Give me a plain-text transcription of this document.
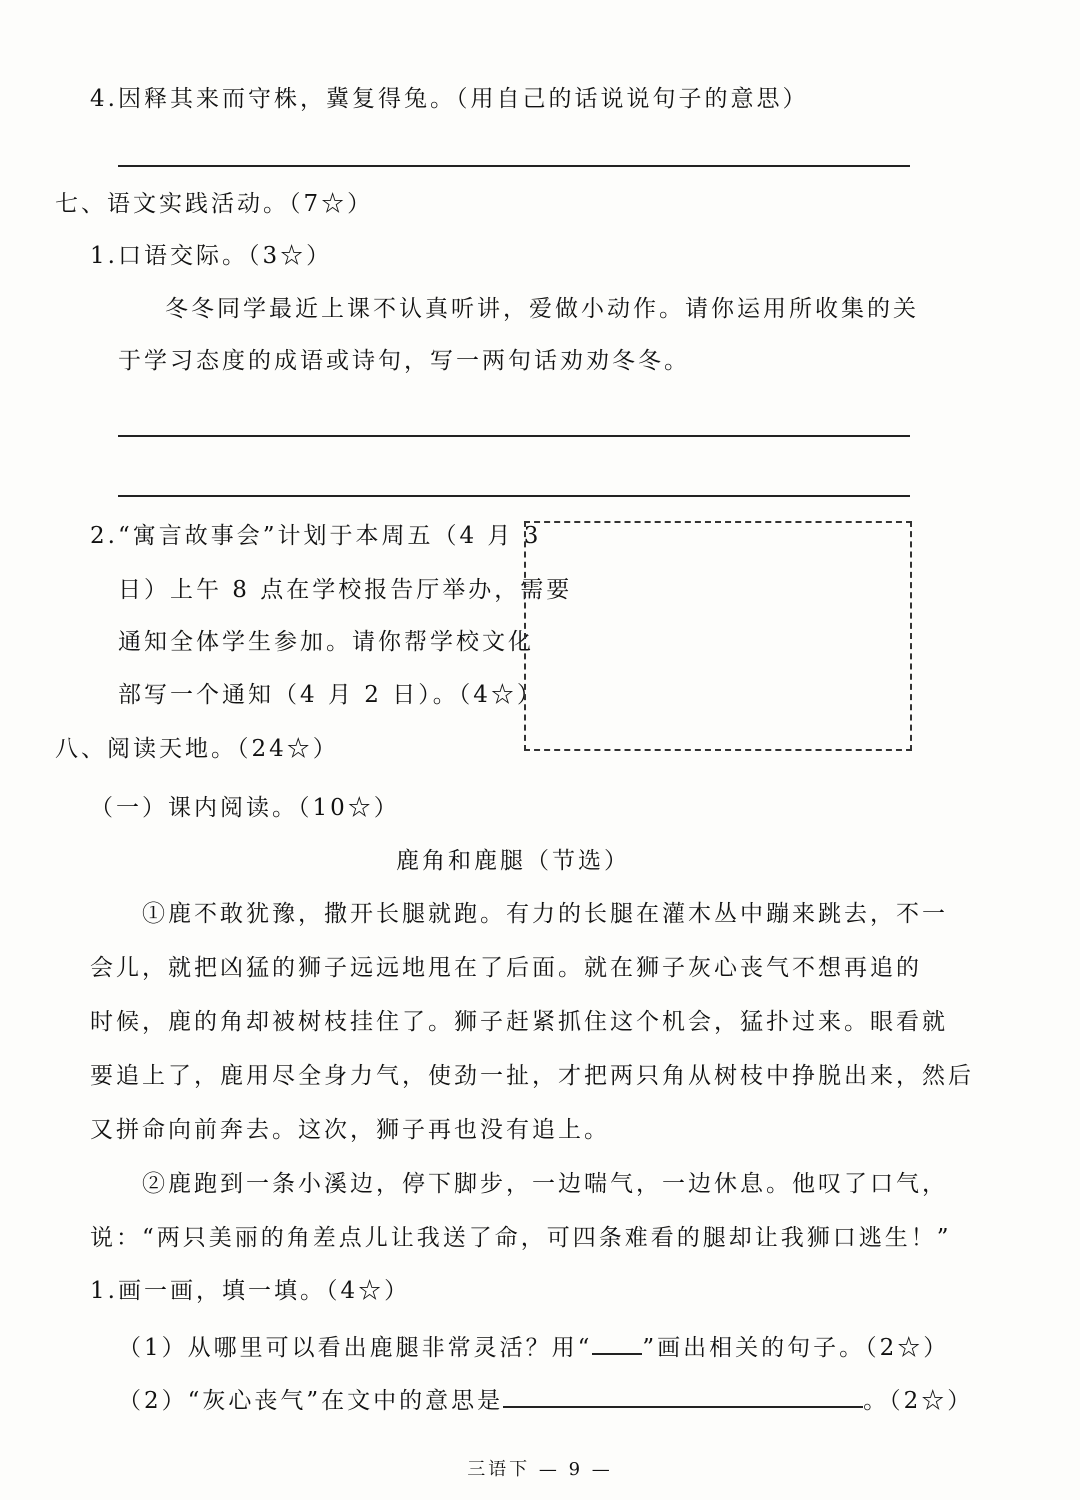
4.因释其来而守株，冀复得兔。（用自己的话说说句子的意思）
七、语文实践活动。（7☆）
1.口语交际。（3☆）
冬冬同学最近上课不认真听讲，爱做小动作。请你运用所收集的关
于学习态度的成语或诗句，写一两句话劝劝冬冬。
2.“寓言故事会”计划于本周五（4 月 3
日）上午 8 点在学校报告厅举办，需要
通知全体学生参加。请你帮学校文化
部写一个通知（4 月 2 日）。（4☆）
八、阅读天地。（24☆）
（一）课内阅读。（10☆）
鹿角和鹿腿（节选）
①鹿不敢犹豫，撒开长腿就跑。有力的长腿在灌木丛中蹦来跳去，不一
会儿，就把凶猛的狮子远远地甩在了后面。就在狮子灰心丧气不想再追的
时候，鹿的角却被树枝挂住了。狮子赶紧抓住这个机会，猛扑过来。眼看就
要追上了，鹿用尽全身力气，使劲一扯，才把两只角从树枝中挣脱出来，然后
又拼命向前奔去。这次，狮子再也没有追上。
②鹿跑到一条小溪边，停下脚步，一边喘气，一边休息。他叹了口气，
说：“两只美丽的角差点儿让我送了命，可四条难看的腿却让我狮口逃生！”
1.画一画，填一填。（4☆）
（1）从哪里可以看出鹿腿非常灵活？用“ ”画出相关的句子。（2☆）
（2）“灰心丧气”在文中的意思是	。（2☆）
三语下 — 9 —
